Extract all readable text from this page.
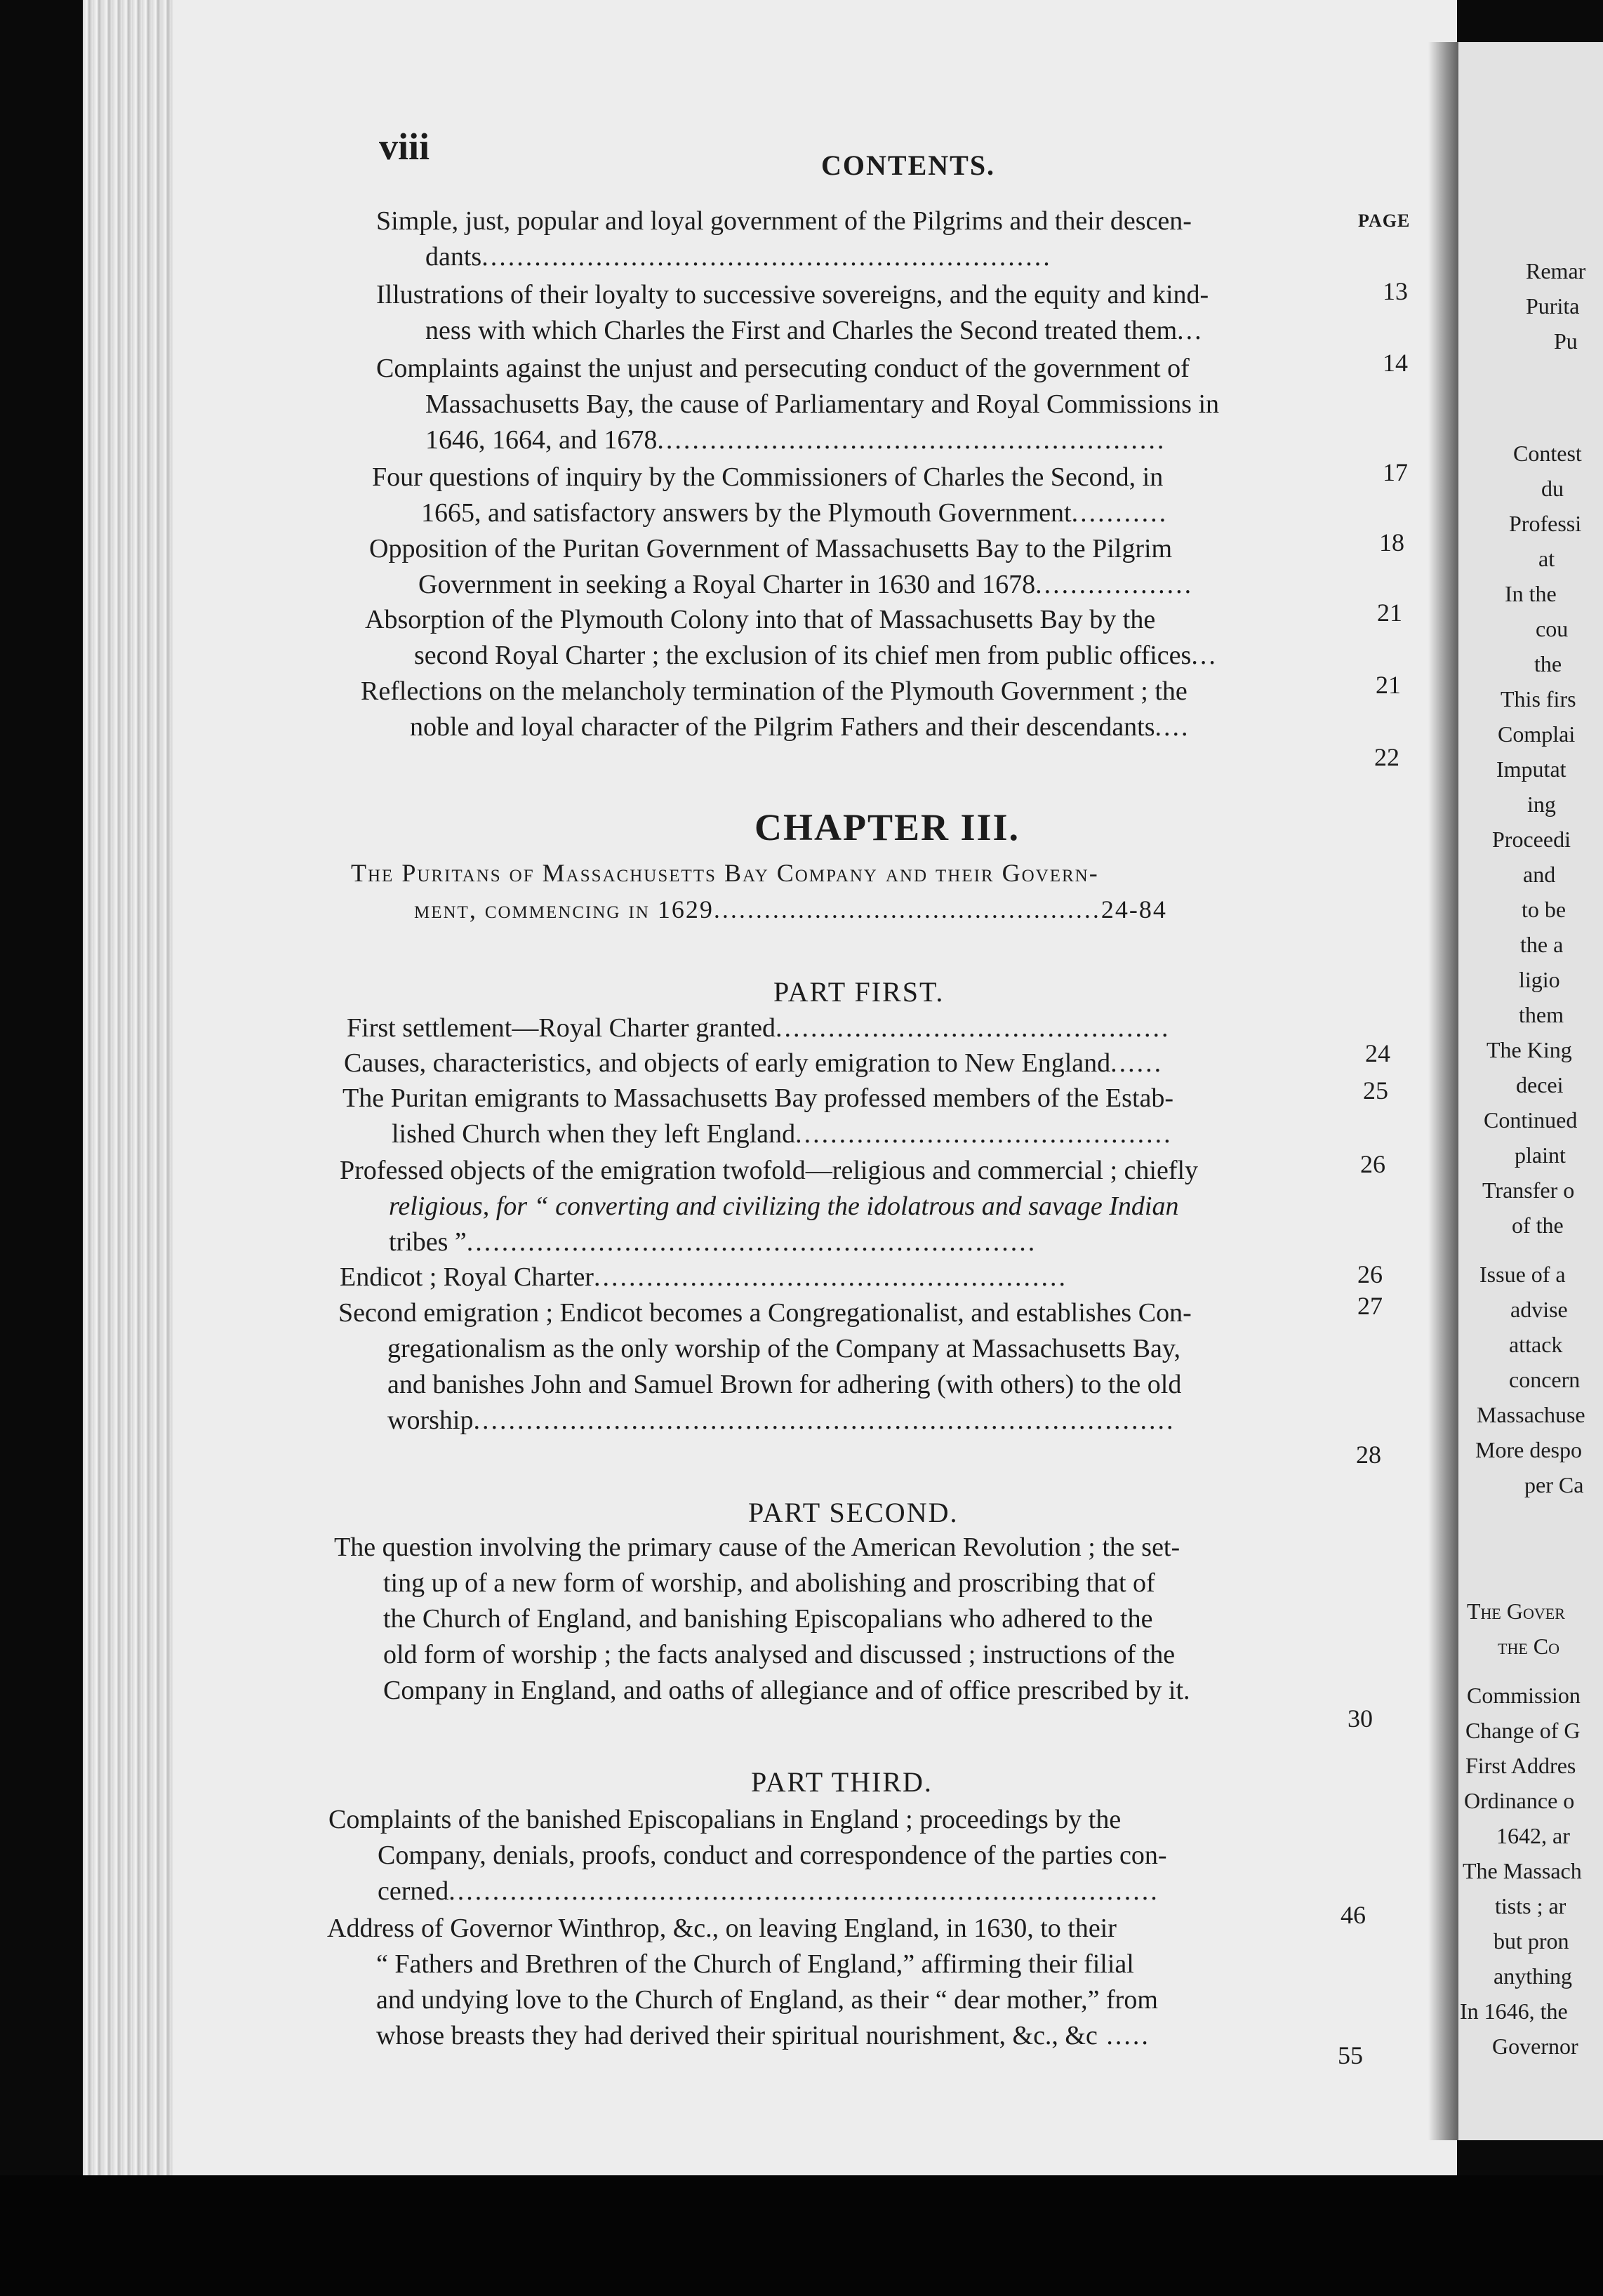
Remar
Purita
Pu
Contest
du
Professi
at
In the
cou
the
This firs
Complai
Imputat
ing
Proceedi
and
to be
the a
ligio
them
The King
decei
Continued
plaint
Transfer o
of the
Issue of a
advise
attack
concern
Massachuse
More despo
per Ca
The Gover
the Co
Commission
Change of G
First Addres
Ordinance o
1642, ar
The Massach
tists ; ar
but pron
anything
In 1646, the
Governor
viii	CONTENTS.
PAGE
Simple, just, popular and loyal government of the Pilgrims and their descen-
dants.................................................................
13
Illustrations of their loyalty to successive sovereigns, and the equity and kind-
ness with which Charles the First and Charles the Second treated them...
14
Complaints against the unjust and persecuting conduct of the government of
Massachusetts Bay, the cause of Parliamentary and Royal Commissions in
1646, 1664, and 1678..........................................................
17
Four questions of inquiry by the Commissioners of Charles the Second, in
1665, and satisfactory answers by the Plymouth Government...........
18
Opposition of the Puritan Government of Massachusetts Bay to the Pilgrim
Government in seeking a Royal Charter in 1630 and 1678..................
21
Absorption of the Plymouth Colony into that of Massachusetts Bay by the
second Royal Charter ; the exclusion of its chief men from public offices...
21
Reflections on the melancholy termination of the Plymouth Government ; the
noble and loyal character of the Pilgrim Fathers and their descendants....
22
CHAPTER III.
The Puritans of Massachusetts Bay Company and their Govern-
ment, commencing in 1629..............................................24-84
PART FIRST.
First settlement—Royal Charter granted.............................................
24
Causes, characteristics, and objects of early emigration to New England......
25
The Puritan emigrants to Massachusetts Bay professed members of the Estab-
lished Church when they left England...........................................
26
Professed objects of the emigration twofold—religious and commercial ; chiefly
religious, for “ converting and civilizing the idolatrous and savage Indian
tribes ”.................................................................
Endicot ; Royal Charter......................................................	26
Second emigration ; Endicot becomes a Congregationalist, and establishes Con-
gregationalism as the only worship of the Company at Massachusetts Bay,
and banishes John and Samuel Brown for adhering (with others) to the old
worship................................................................................
27
28
PART SECOND.
The question involving the primary cause of the American Revolution ; the set-
ting up of a new form of worship, and abolishing and proscribing that of
the Church of England, and banishing Episcopalians who adhered to the
old form of worship ; the facts analysed and discussed ; instructions of the
Company in England, and oaths of allegiance and of office prescribed by it.
30
PART THIRD.
Complaints of the banished Episcopalians in England ; proceedings by the
Company, denials, proofs, conduct and correspondence of the parties con-
cerned.................................................................................
46
Address of Governor Winthrop, &c., on leaving England, in 1630, to their
“ Fathers and Brethren of the Church of England,” affirming their filial
and undying love to the Church of England, as their “ dear mother,” from
whose breasts they had derived their spiritual nourishment, &c., &c .....
55
